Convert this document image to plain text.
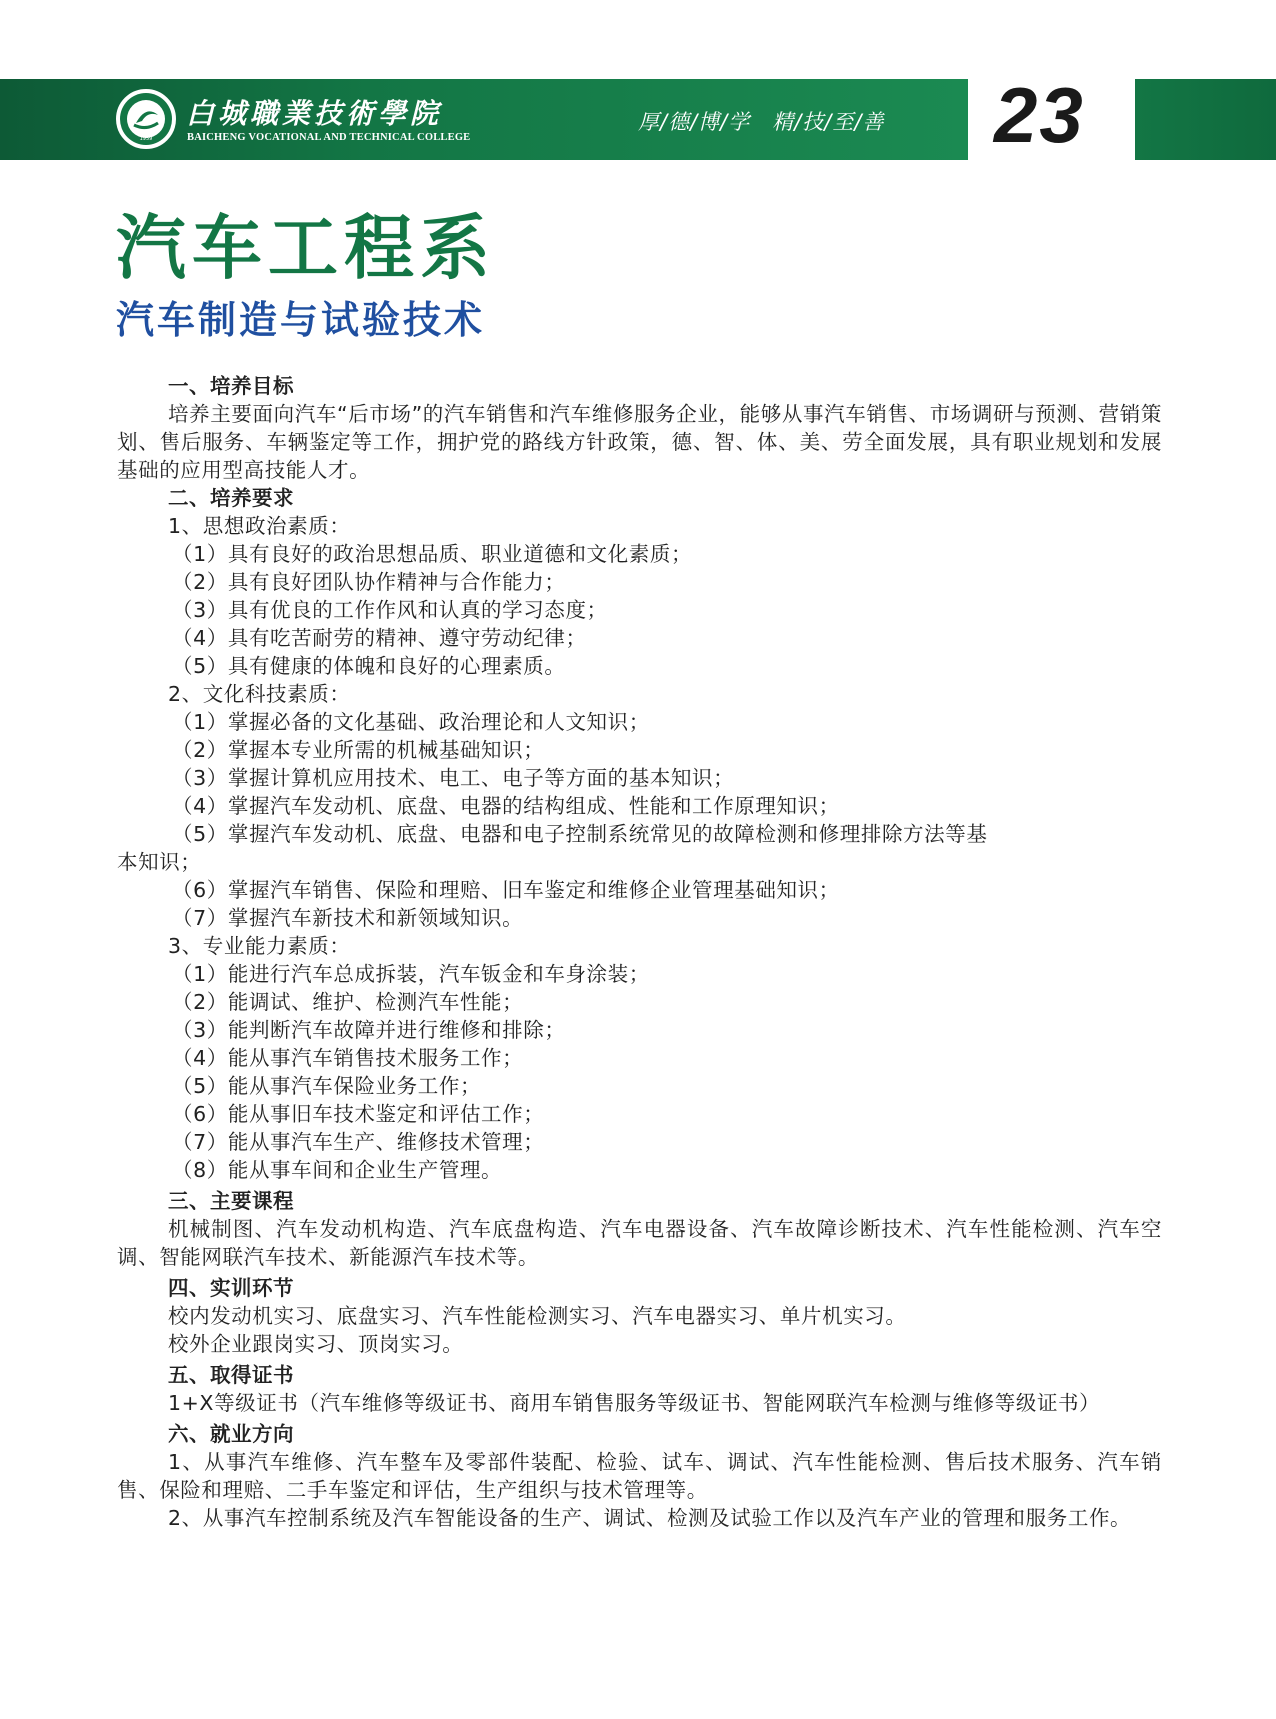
1959
白城職業技術學院
BAICHENG VOCATIONAL AND TECHNICAL COLLEGE
厚/德/博/学　精/技/至/善 23
汽车工程系
汽车制造与试验技术
一、培养目标
培养主要面向汽车“后市场”的汽车销售和汽车维修服务企业，能够从事汽车销售、市场调研与预测、营销策划、售后服务、车辆鉴定等工作，拥护党的路线方针政策，德、智、体、美、劳全面发展，具有职业规划和发展基础的应用型高技能人才。
二、培养要求
1、思想政治素质：
（1）具有良好的政治思想品质、职业道德和文化素质；
（2）具有良好团队协作精神与合作能力；
（3）具有优良的工作作风和认真的学习态度；
（4）具有吃苦耐劳的精神、遵守劳动纪律；
（5）具有健康的体魄和良好的心理素质。
2、文化科技素质：
（1）掌握必备的文化基础、政治理论和人文知识；
（2）掌握本专业所需的机械基础知识；
（3）掌握计算机应用技术、电工、电子等方面的基本知识；
（4）掌握汽车发动机、底盘、电器的结构组成、性能和工作原理知识；
（5）掌握汽车发动机、底盘、电器和电子控制系统常见的故障检测和修理排除方法等基
本知识；
（6）掌握汽车销售、保险和理赔、旧车鉴定和维修企业管理基础知识；
（7）掌握汽车新技术和新领域知识。
3、专业能力素质：
（1）能进行汽车总成拆装，汽车钣金和车身涂装；
（2）能调试、维护、检测汽车性能；
（3）能判断汽车故障并进行维修和排除；
（4）能从事汽车销售技术服务工作；
（5）能从事汽车保险业务工作；
（6）能从事旧车技术鉴定和评估工作；
（7）能从事汽车生产、维修技术管理；
（8）能从事车间和企业生产管理。
三、主要课程
机械制图、汽车发动机构造、汽车底盘构造、汽车电器设备、汽车故障诊断技术、汽车性能检测、汽车空调、智能网联汽车技术、新能源汽车技术等。
四、实训环节
校内发动机实习、底盘实习、汽车性能检测实习、汽车电器实习、单片机实习。
校外企业跟岗实习、顶岗实习。
五、取得证书
1+X等级证书（汽车维修等级证书、商用车销售服务等级证书、智能网联汽车检测与维修等级证书）
六、就业方向
1、从事汽车维修、汽车整车及零部件装配、检验、试车、调试、汽车性能检测、售后技术服务、汽车销售、保险和理赔、二手车鉴定和评估，生产组织与技术管理等。
2、从事汽车控制系统及汽车智能设备的生产、调试、检测及试验工作以及汽车产业的管理和服务工作。
